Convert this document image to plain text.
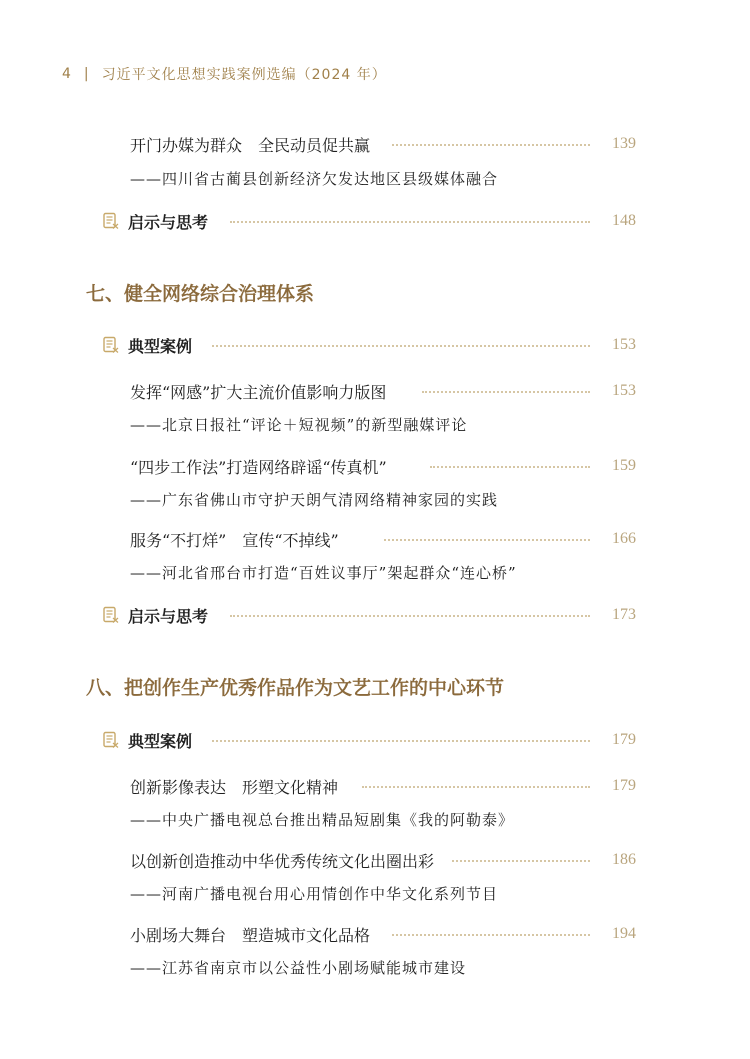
4 | 习近平文化思想实践案例选编（2024 年）
开门办媒为群众　全民动员促共赢	139
——四川省古蔺县创新经济欠发达地区县级媒体融合
启示与思考	148
七、健全网络综合治理体系
典型案例	153
发挥“网感”扩大主流价值影响力版图	153
——北京日报社“评论＋短视频”的新型融媒评论
“四步工作法”打造网络辟谣“传真机”	159
——广东省佛山市守护天朗气清网络精神家园的实践
服务“不打烊”　宣传“不掉线”	166
——河北省邢台市打造“百姓议事厅”架起群众“连心桥”
启示与思考	173
八、把创作生产优秀作品作为文艺工作的中心环节
典型案例	179
创新影像表达　形塑文化精神	179
——中央广播电视总台推出精品短剧集《我的阿勒泰》
以创新创造推动中华优秀传统文化出圈出彩	186
——河南广播电视台用心用情创作中华文化系列节目
小剧场大舞台　塑造城市文化品格	194
——江苏省南京市以公益性小剧场赋能城市建设
